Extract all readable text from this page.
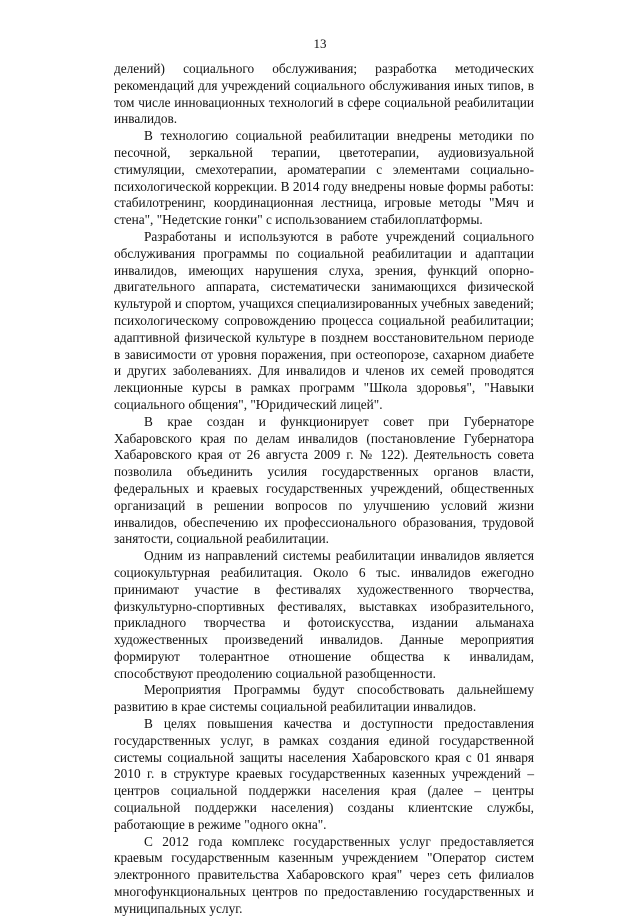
13

делений) социального обслуживания; разработка методических рекомендаций для учреждений социального обслуживания иных типов, в том числе инновационных технологий в сфере социальной реабилитации инвалидов.

В технологию социальной реабилитации внедрены методики по песочной, зеркальной терапии, цветотерапии, аудиовизуальной стимуляции, смехотерапии, ароматерапии с элементами социально-психологической коррекции. В 2014 году внедрены новые формы работы: стабилотренинг, координационная лестница, игровые методы "Мяч и стена", "Недетские гонки" с использованием стабилоплатформы.

Разработаны и используются в работе учреждений социального обслуживания программы по социальной реабилитации и адаптации инвалидов, имеющих нарушения слуха, зрения, функций опорно-двигательного аппарата, систематически занимающихся физической культурой и спортом, учащихся специализированных учебных заведений; психологическому сопровождению процесса социальной реабилитации; адаптивной физической культуре в позднем восстановительном периоде в зависимости от уровня поражения, при остеопорозе, сахарном диабете и других заболеваниях. Для инвалидов и членов их семей проводятся лекционные курсы в рамках программ "Школа здоровья", "Навыки социального общения", "Юридический лицей".

В крае создан и функционирует совет при Губернаторе Хабаровского края по делам инвалидов (постановление Губернатора Хабаровского края от 26 августа 2009 г. № 122). Деятельность совета позволила объединить усилия государственных органов власти, федеральных и краевых государственных учреждений, общественных организаций в решении вопросов по улучшению условий жизни инвалидов, обеспечению их профессионального образования, трудовой занятости, социальной реабилитации.

Одним из направлений системы реабилитации инвалидов является социокультурная реабилитация. Около 6 тыс. инвалидов ежегодно принимают участие в фестивалях художественного творчества, физкультурно-спортивных фестивалях, выставках изобразительного, прикладного творчества и фотоискусства, издании альманаха художественных произведений инвалидов. Данные мероприятия формируют толерантное отношение общества к инвалидам, способствуют преодолению социальной разобщенности.

Мероприятия Программы будут способствовать дальнейшему развитию в крае системы социальной реабилитации инвалидов.

В целях повышения качества и доступности предоставления государственных услуг, в рамках создания единой государственной системы социальной защиты населения Хабаровского края с 01 января 2010 г. в структуре краевых государственных казенных учреждений – центров социальной поддержки населения края (далее – центры социальной поддержки населения) созданы клиентские службы, работающие в режиме "одного окна".

С 2012 года комплекс государственных услуг предоставляется краевым государственным казенным учреждением "Оператор систем электронного правительства Хабаровского края" через сеть филиалов многофункциональных центров по предоставлению государственных и муниципальных услуг.
